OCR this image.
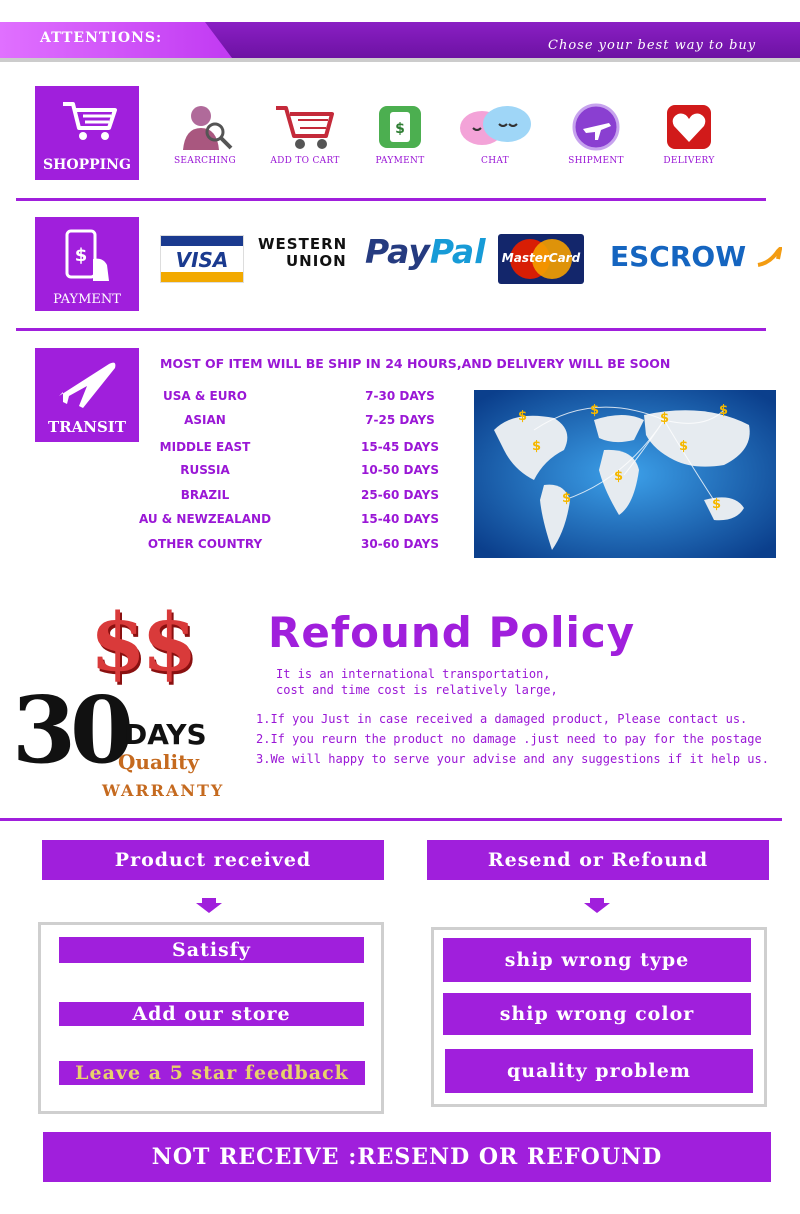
ATTENTIONS:	Chose your best way to buy
SHOPPING	SEARCHING	ADD TO CART
$
PAYMENT	CHAT	SHIPMENT	DELIVERY
$
PAYMENT
VISA
WESTERN
UNION PayPal	MasterCard ESCROW
TRANSIT
MOST OF ITEM WILL BE SHIP IN 24 HOURS,AND DELIVERY WILL BE SOON
USA & EURO	7-30 DAYS
ASIAN	7-25 DAYS
MIDDLE EAST	15-45 DAYS
RUSSIA	10-50 DAYS
BRAZIL	25-60 DAYS
AU & NEWZEALAND	15-40 DAYS
OTHER COUNTRY	30-60 DAYS
$	$
$
$
$
$
$	$
$
$$
30
DAYS
Quality
WARRANTY
Refound Policy
It is an international transportation,
cost and time cost is relatively large,
1.If you Just in case received a damaged product, Please contact us.
2.If you reurn the product no damage .just need to pay for the postage
3.We will happy to serve your advise and any suggestions if it help us.
Product received	Resend or Refound
Satisfy
Add our store
Leave a 5 star feedback
ship wrong type
ship wrong color
quality problem
NOT RECEIVE :RESEND OR REFOUND
